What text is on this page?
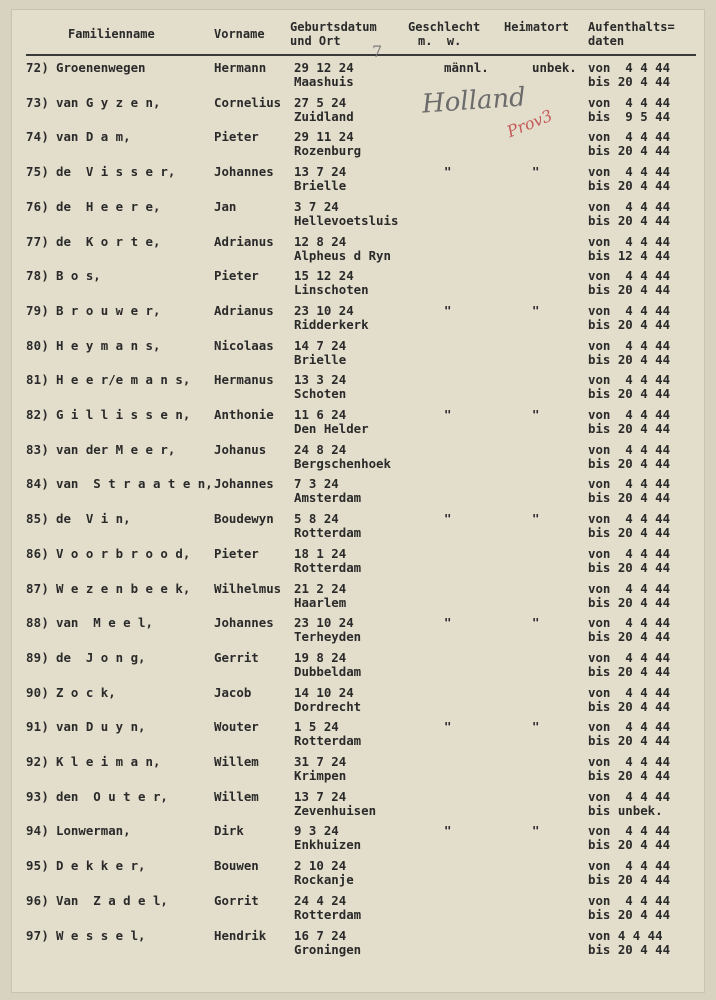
Familienname	Vorname Geburtsdatum
und Ort
Geschlecht
m.  w.
Heimatort Aufenthalts=
daten
72) Groenenwegen	Hermann 29 12 24
Maashuis
männl.	unbek. von  4 4 44
bis 20 4 44
73) van G y z e n,	Cornelius 27 5 24
Zuidland
von  4 4 44
bis  9 5 44
74) van D a m,	Pieter	29 11 24
Rozenburg
von  4 4 44
bis 20 4 44
75) de  V i s s e r,	Johannes 13 7 24
Brielle
"	"	von  4 4 44
bis 20 4 44
76) de  H e e r e,	Jan	3 7 24
Hellevoetsluis
von  4 4 44
bis 20 4 44
77) de  K o r t e,	Adrianus 12 8 24
Alpheus d Ryn
von  4 4 44
bis 12 4 44
78) B o s,	Pieter	15 12 24
Linschoten
von  4 4 44
bis 20 4 44
79) B r o u w e r,	Adrianus 23 10 24
Ridderkerk
"	"	von  4 4 44
bis 20 4 44
80) H e y m a n s,	Nicolaas 14 7 24
Brielle
von  4 4 44
bis 20 4 44
81) H e e r/e m a n s, Hermanus 13 3 24
Schoten
von  4 4 44
bis 20 4 44
82) G i l l i s s e n, Anthonie 11 6 24
Den Helder
"	"	von  4 4 44
bis 20 4 44
83) van der M e e r,	Johanus 24 8 24
Bergschenhoek
von  4 4 44
bis 20 4 44
84) van  S t r a a t e n, Johannes 7 3 24
Amsterdam
von  4 4 44
bis 20 4 44
85) de  V i n,	Boudewyn 5 8 24
Rotterdam
"	"	von  4 4 44
bis 20 4 44
86) V o o r b r o o d, Pieter	18 1 24
Rotterdam
von  4 4 44
bis 20 4 44
87) W e z e n b e e k, Wilhelmus 21 2 24
Haarlem
von  4 4 44
bis 20 4 44
88) van  M e e l,	Johannes 23 10 24
Terheyden
"	"	von  4 4 44
bis 20 4 44
89) de  J o n g,	Gerrit	19 8 24
Dubbeldam
von  4 4 44
bis 20 4 44
90) Z o c k,	Jacob	14 10 24
Dordrecht
von  4 4 44
bis 20 4 44
91) van D u y n,	Wouter	1 5 24
Rotterdam
"	"	von  4 4 44
bis 20 4 44
92) K l e i m a n,	Willem	31 7 24
Krimpen
von  4 4 44
bis 20 4 44
93) den  O u t e r,	Willem	13 7 24
Zevenhuisen
von  4 4 44
bis unbek.
94) Lonwerman,	Dirk	9 3 24
Enkhuizen
"	"	von  4 4 44
bis 20 4 44
95) D e k k e r,	Bouwen	2 10 24
Rockanje
von  4 4 44
bis 20 4 44
96) Van  Z a d e l,	Gorrit	24 4 24
Rotterdam
von  4 4 44
bis 20 4 44
97) W e s s e l,	Hendrik 16 7 24
Groningen
von 4 4 44
bis 20 4 44
7
Holland
Prov3
